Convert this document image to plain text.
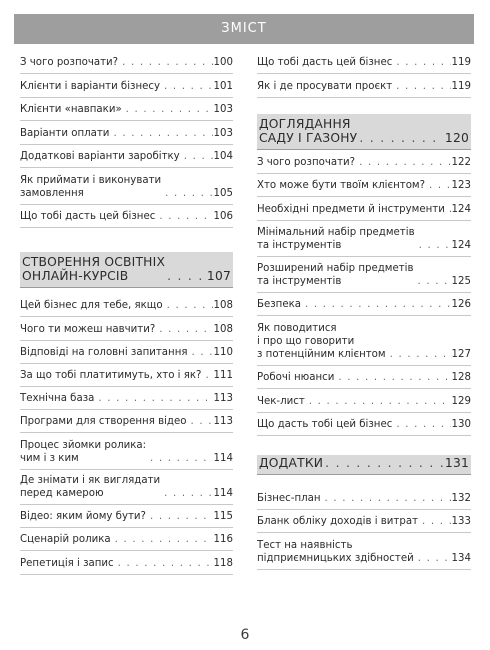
ЗМІСТ
З чого розпочати? . . .	100
Клієнти і варіанти бізнесу . . .	101
Клієнти «навпаки» . . .	103
Варіанти оплати . . .	103
Додаткові варіанти заробітку . . .	104
Як приймати і виконувати
замовлення . . .	105
Що тобі дасть цей бізнес . . .	106
СТВОРЕННЯ ОСВІТНІХ
ОНЛАЙН-КУРСІВ . . .	107
Цей бізнес для тебе, якщо . . .	108
Чого ти можеш навчити? . . .	108
Відповіді на головні запитання . . .	110
За що тобі платитимуть, хто і як? . . . 111
Технічна база . . .	113
Програми для створення відео . . .	113
Процес зйомки ролика:
чим і з ким . . .	114
Де знімати і як виглядати
перед камерою . . .	114
Відео: яким йому бути? . . .	115
Сценарій ролика . . .	116
Репетиція і запис . . .	118
Що тобі дасть цей бізнес . . .	119
Як і де просувати проєкт . . .	119
ДОГЛЯДАННЯ
САДУ І ГАЗОНУ . . .	120
З чого розпочати? . . .	122
Хто може бути твоїм клієнтом? . . .	123
Необхідні предмети й інструменти . . . 124
Мінімальний набір предметів
та інструментів . . .	124
Розширений набір предметів
та інструментів . . .	125
Безпека . . .	126
Як поводитися
і про що говорити
з потенційним клієнтом . . .	127
Робочі нюанси . . .	128
Чек-лист . . .	129
Що дасть тобі цей бізнес . . .	130
ДОДАТКИ . . .	131
Бізнес-план . . .	132
Бланк обліку доходів і витрат . . .	133
Тест на наявність
підприємницьких здібностей . . .	134
6
